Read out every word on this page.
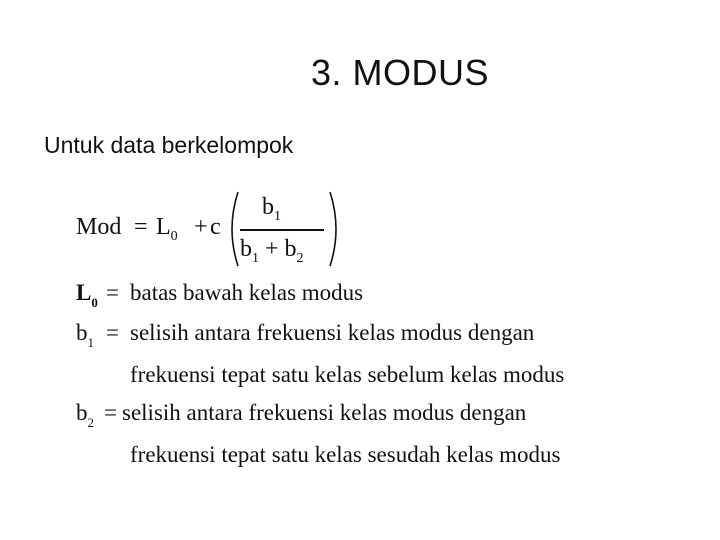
3. MODUS
Untuk data berkelompok
Mod = $L_0 + c$
$b_1$
$b_1 + b_2$
$L_0$ = batas bawah kelas modus
$b_1$ = selisih antara frekuensi kelas modus dengan
frekuensi tepat satu kelas sebelum kelas modus
$b_2$ = selisih antara frekuensi kelas modus dengan
frekuensi tepat satu kelas sesudah kelas modus
